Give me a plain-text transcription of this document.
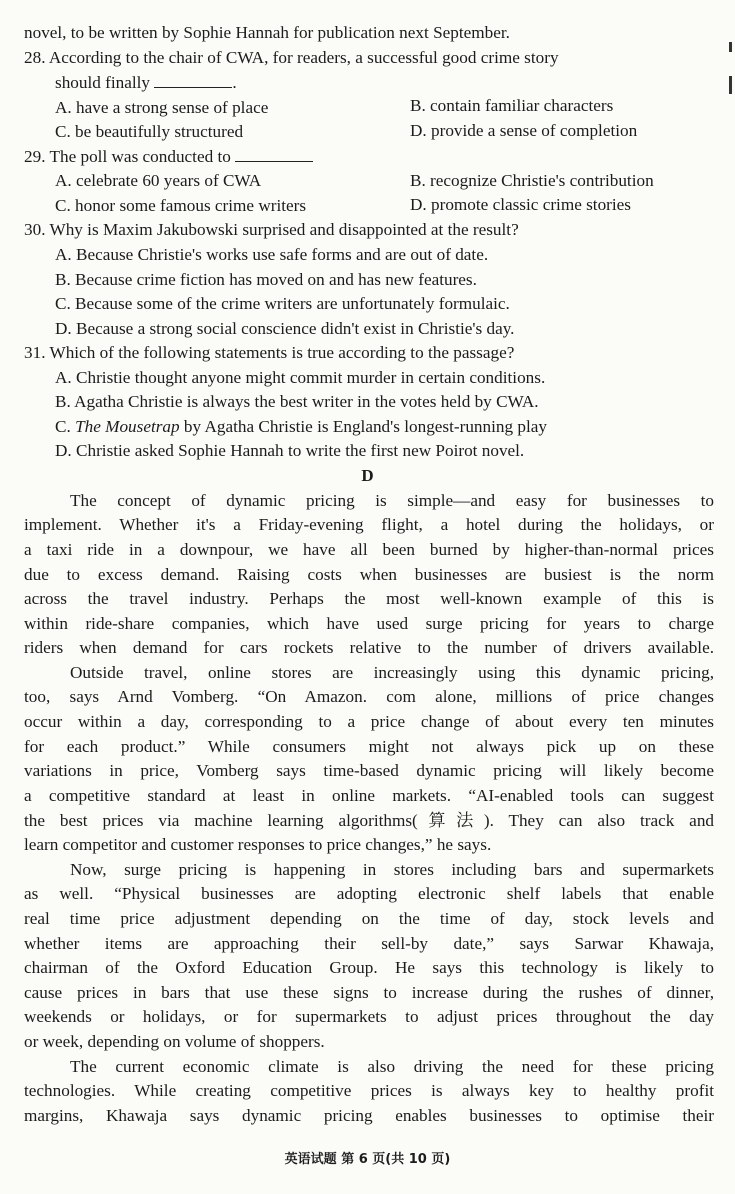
novel, to be written by Sophie Hannah for publication next September.
28. According to the chair of CWA, for readers, a successful good crime story
should finally	.
A. have a strong sense of place	B. contain familiar characters
C. be beautifully structured	D. provide a sense of completion
29. The poll was conducted to
A. celebrate 60 years of CWA	B. recognize Christie's contribution
C. honor some famous crime writers	D. promote classic crime stories
30. Why is Maxim Jakubowski surprised and disappointed at the result?
A. Because Christie's works use safe forms and are out of date.
B. Because crime fiction has moved on and has new features.
C. Because some of the crime writers are unfortunately formulaic.
D. Because a strong social conscience didn't exist in Christie's day.
31. Which of the following statements is true according to the passage?
A. Christie thought anyone might commit murder in certain conditions.
B. Agatha Christie is always the best writer in the votes held by CWA.
C. The Mousetrap by Agatha Christie is England's longest-running play
D. Christie asked Sophie Hannah to write the first new Poirot novel.
D
The concept of dynamic pricing is simple—and easy for businesses to
implement. Whether it's a Friday-evening flight, a hotel during the holidays, or
a taxi ride in a downpour, we have all been burned by higher-than-normal prices
due to excess demand. Raising costs when businesses are busiest is the norm
across the travel industry. Perhaps the most well-known example of this is
within ride-share companies, which have used surge pricing for years to charge
riders when demand for cars rockets relative to the number of drivers available.
Outside travel, online stores are increasingly using this dynamic pricing,
too, says Arnd Vomberg. “On Amazon. com alone, millions of price changes
occur within a day, corresponding to a price change of about every ten minutes
for each product.” While consumers might not always pick up on these
variations in price, Vomberg says time-based dynamic pricing will likely become
a competitive standard at least in online markets. “AI-enabled tools can suggest
the best prices via machine learning algorithms(算法). They can also track and
learn competitor and customer responses to price changes,” he says.
Now, surge pricing is happening in stores including bars and supermarkets
as well. “Physical businesses are adopting electronic shelf labels that enable
real time price adjustment depending on the time of day, stock levels and
whether items are approaching their sell-by date,” says Sarwar Khawaja,
chairman of the Oxford Education Group. He says this technology is likely to
cause prices in bars that use these signs to increase during the rushes of dinner,
weekends or holidays, or for supermarkets to adjust prices throughout the day
or week, depending on volume of shoppers.
The current economic climate is also driving the need for these pricing
technologies. While creating competitive prices is always key to healthy profit
margins, Khawaja says dynamic pricing enables businesses to optimise their
英语试题 第 6 页(共 10 页)
